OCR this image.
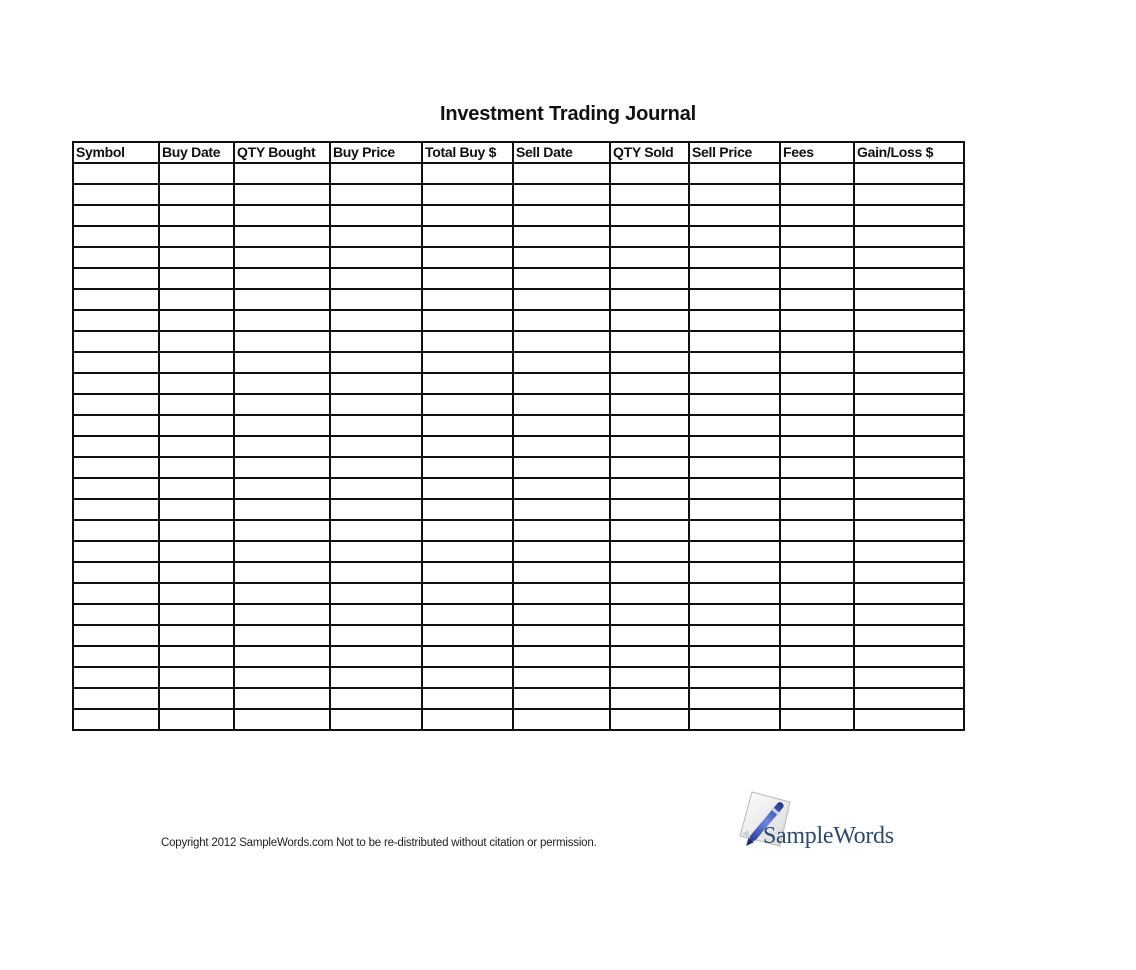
Investment Trading Journal
Symbol	Buy Date	QTY Bought	Buy Price	Total Buy $	Sell Date	QTY Sold	Sell Price	Fees	Gain/Loss $

Copyright 2012 SampleWords.com Not to be re-distributed without citation or permission.	SampleWords
